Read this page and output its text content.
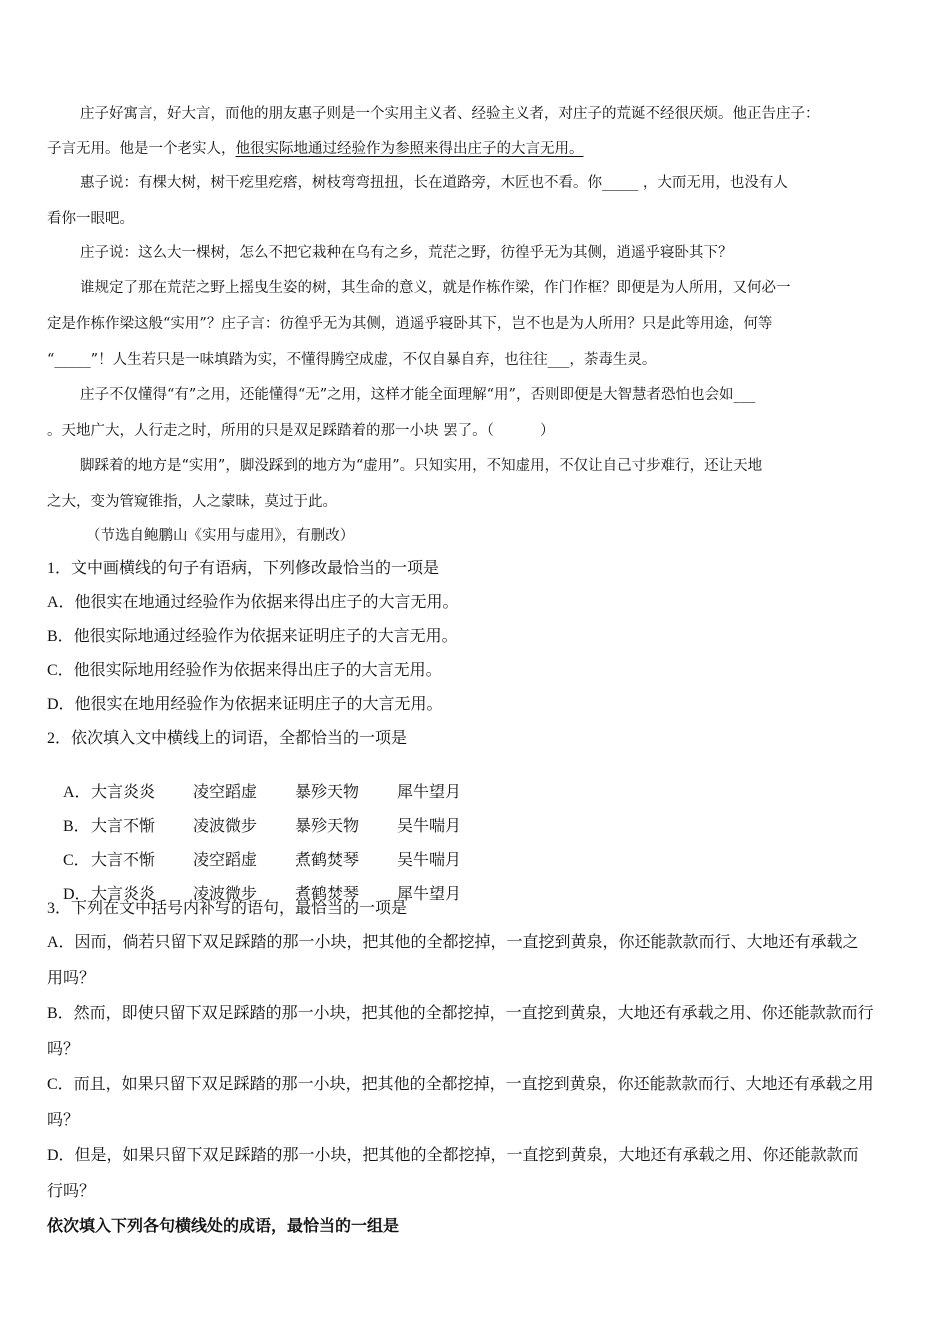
庄子好寓言，好大言，而他的朋友惠子则是一个实用主义者、经验主义者，对庄子的荒诞不经很厌烦。他正告庄子：
子言无用。他是一个老实人，他很实际地通过经验作为参照来得出庄子的大言无用。
惠子说：有棵大树，树干疙里疙瘩，树枝弯弯扭扭，长在道路旁，木匠也不看。你_____ ，大而无用，也没有人
看你一眼吧。
庄子说：这么大一棵树，怎么不把它栽种在乌有之乡，荒茫之野，彷徨乎无为其侧，逍遥乎寝卧其下？
谁规定了那在荒茫之野上摇曳生姿的树，其生命的意义，就是作栋作梁，作门作框？即便是为人所用，又何必一
定是作栋作梁这般“实用”？庄子言：彷徨乎无为其侧，逍遥乎寝卧其下，岂不也是为人所用？只是此等用途，何等
“_____”！人生若只是一味填踏为实，不懂得腾空成虚，不仅自暴自弃，也往往___，荼毒生灵。
庄子不仅懂得“有”之用，还能懂得“无”之用，这样才能全面理解“用”，否则即便是大智慧者恐怕也会如___
。天地广大，人行走之时，所用的只是双足踩踏着的那一小块 罢了。（          ）
脚踩着的地方是“实用”，脚没踩到的地方为“虚用”。只知实用，不知虚用，不仅让自己寸步难行，还让天地
之大，变为管窥锥指，人之蒙昧，莫过于此。
（节选自鲍鹏山《实用与虚用》，有删改）
1．文中画横线的句子有语病，下列修改最恰当的一项是
A．他很实在地通过经验作为依据来得出庄子的大言无用。
B．他很实际地通过经验作为依据来证明庄子的大言无用。
C．他很实际地用经验作为依据来得出庄子的大言无用。
D．他很实在地用经验作为依据来证明庄子的大言无用。
2．依次填入文中横线上的词语，全都恰当的一项是

A．大言炎炎 凌空蹈虚 暴殄天物 犀牛望月

B．大言不惭 凌波微步 暴殄天物 吴牛喘月

C．大言不惭 凌空蹈虚 煮鹤焚琴 吴牛喘月

D．大言炎炎 凌波微步 煮鹤焚琴 犀牛望月

3．下列在文中括号内补写的语句，最恰当的一项是
A．因而，倘若只留下双足踩踏的那一小块，把其他的全都挖掉，一直挖到黄泉，你还能款款而行、大地还有承载之
用吗？
B．然而，即使只留下双足踩踏的那一小块，把其他的全都挖掉，一直挖到黄泉，大地还有承载之用、你还能款款而行
吗？
C．而且，如果只留下双足踩踏的那一小块，把其他的全都挖掉，一直挖到黄泉，你还能款款而行、大地还有承载之用
吗？
D．但是，如果只留下双足踩踏的那一小块，把其他的全都挖掉，一直挖到黄泉，大地还有承载之用、你还能款款而
行吗？
依次填入下列各句横线处的成语，最恰当的一组是
